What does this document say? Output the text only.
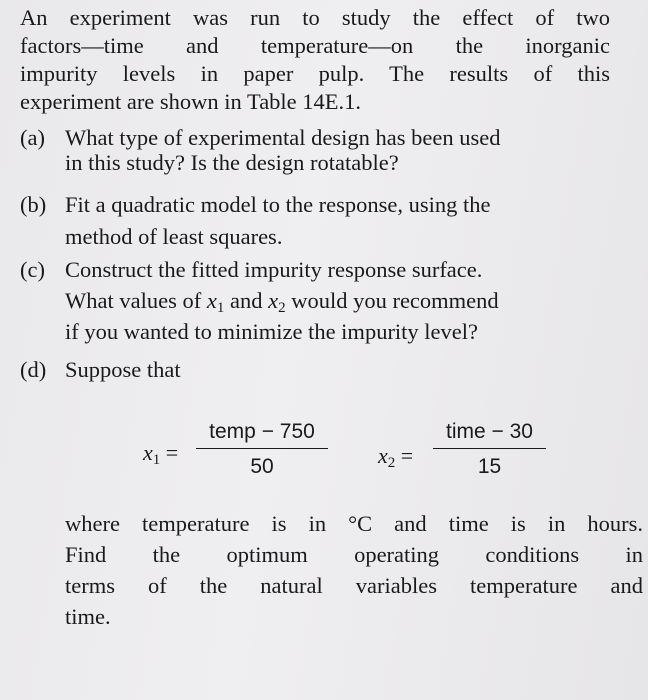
An experiment was run to study the effect of two
factors—time and temperature—on the inorganic
impurity levels in paper pulp. The results of this
experiment are shown in Table 14E.1.
(a) What type of experimental design has been used
in this study? Is the design rotatable?
(b) Fit a quadratic model to the response, using the
method of least squares.
(c) Construct the fitted impurity response surface.
What values of $x_1$ and $x_2$ would you recommend
if you wanted to minimize the impurity level?
(d) Suppose that
$x_1$ =
temp − 750
50	$x_2$ =
time − 30
15
where temperature is in °C and time is in hours.
Find the optimum operating conditions in
terms of the natural variables temperature and
time.
